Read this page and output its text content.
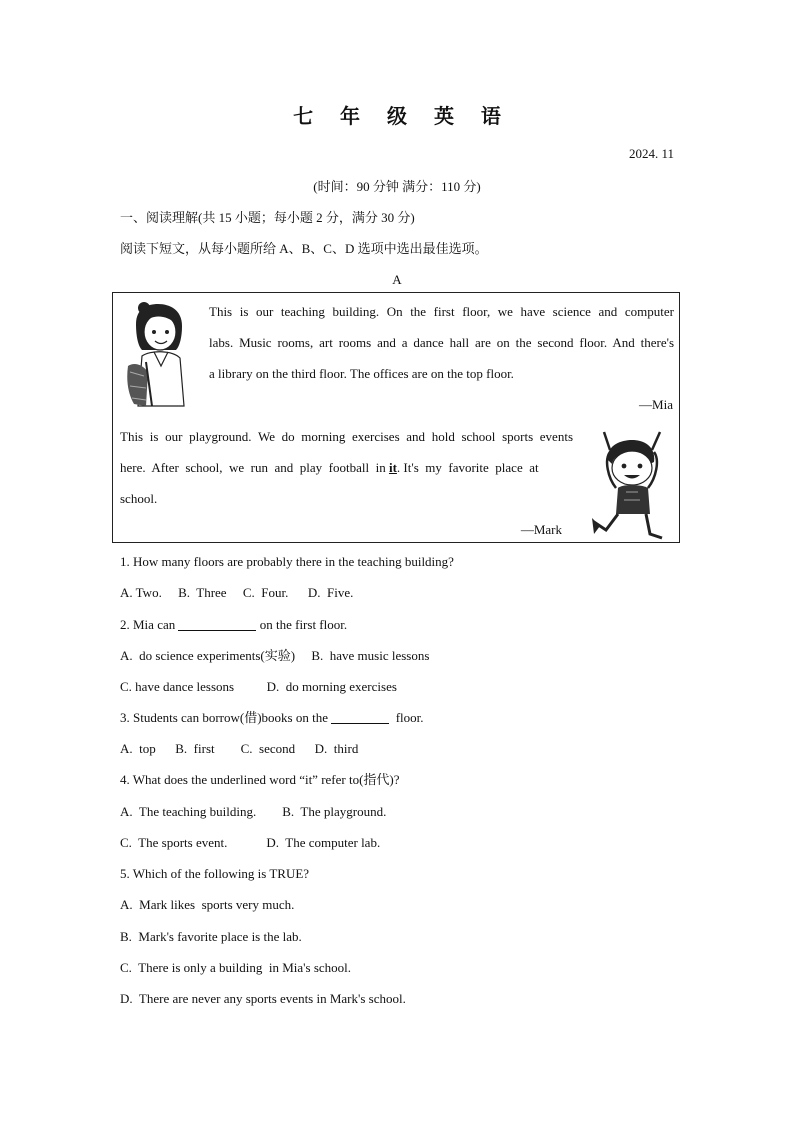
七 年 级 英 语
2024. 11
(时间：90 分钟 满分：110 分)
一、阅读理解(共 15 小题；每小题 2 分，满分 30 分)
阅读下短文，从每小题所给 A、B、C、D 选项中选出最佳选项。
A
This is our teaching building. On the first floor, we have science and computer
labs. Music rooms, art rooms and a dance hall are on the second floor. And there's
a library on the third floor. The offices are on the top floor.
—Mia
This is our playground. We do morning exercises and hold school sports events
here.  After  school,  we  run  and  play  football  in it. It's  my  favorite  place  at
school.
—Mark
1. How many floors are probably there in the teaching building?
A. Two.     B.  Three     C.  Four.      D.  Five.
2. Mia can	on the first floor.
A.  do science experiments(实验)     B.  have music lessons
C. have dance lessons          D.  do morning exercises
3. Students can borrow(借)books on the	floor.
A.  top      B.  first        C.  second      D.  third
4. What does the underlined word “it” refer to(指代)?
A.  The teaching building.        B.  The playground.
C.  The sports event.            D.  The computer lab.
5. Which of the following is TRUE?
A.  Mark likes  sports very much.
B.  Mark's favorite place is the lab.
C.  There is only a building  in Mia's school.
D.  There are never any sports events in Mark's school.
